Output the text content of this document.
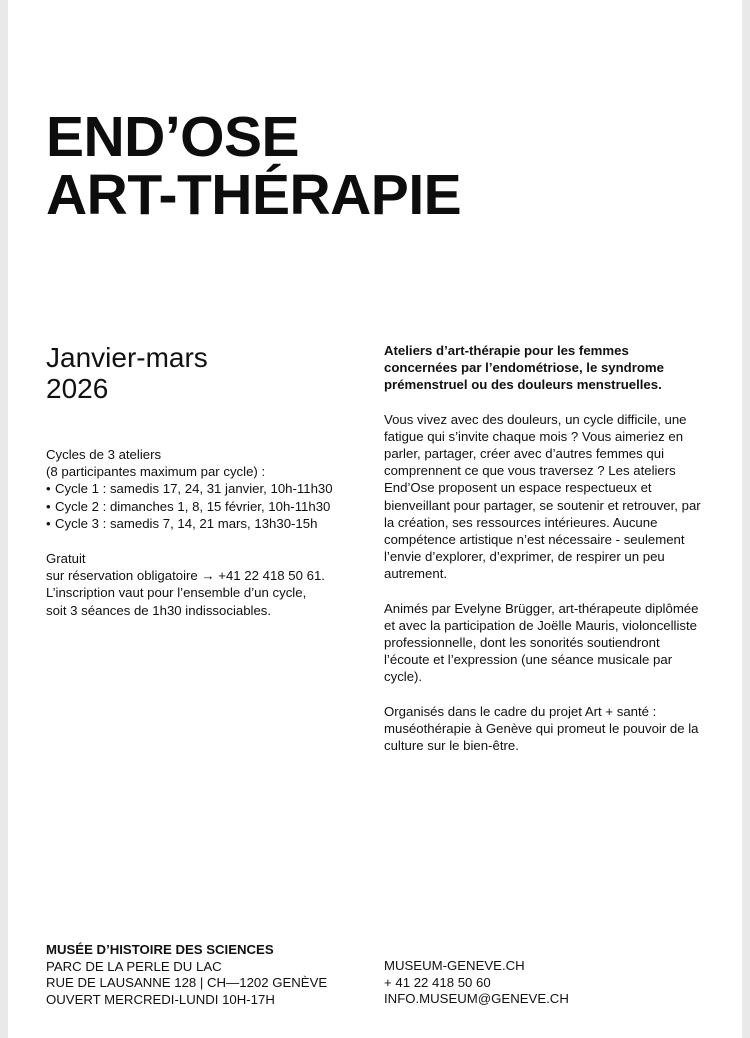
END’OSE
ART-THÉRAPIE
Janvier-mars
2026
Cycles de 3 ateliers
(8 participantes maximum par cycle) :
• Cycle 1 : samedis 17, 24, 31 janvier, 10h-11h30
• Cycle 2 : dimanches 1, 8, 15 février, 10h-11h30
• Cycle 3 : samedis 7, 14, 21 mars, 13h30-15h
Gratuit
sur réservation obligatoire → +41 22 418 50 61.
L’inscription vaut pour l’ensemble d’un cycle,
soit 3 séances de 1h30 indissociables.

Ateliers d’art-thérapie pour les femmes concernées par l’endométriose, le syndrome prémenstruel ou des douleurs menstruelles.

Vous vivez avec des douleurs, un cycle difficile, une fatigue qui s’invite chaque mois ? Vous aimeriez en parler, partager, créer avec d’autres femmes qui comprennent ce que vous traversez ? Les ateliers End’Ose proposent un espace respectueux et bienveillant pour partager, se soutenir et retrouver, par la création, ses ressources intérieures. Aucune compétence artistique n’est nécessaire - seulement l’envie d’explorer, d’exprimer, de respirer un peu autrement.

Animés par Evelyne Brügger, art-thérapeute diplômée et avec la participation de Joëlle Mauris, violoncelliste professionnelle, dont les sonorités soutiendront l’écoute et l’expression (une séance musicale par cycle).

Organisés dans le cadre du projet Art + santé : muséothérapie à Genève qui promeut le pouvoir de la culture sur le bien-être.

MUSÉE D’HISTOIRE DES SCIENCES
PARC DE LA PERLE DU LAC
RUE DE LAUSANNE 128 | CH—1202 GENÈVE
OUVERT MERCREDI-LUNDI 10H-17H
MUSEUM-GENEVE.CH
+ 41 22 418 50 60
INFO.MUSEUM@GENEVE.CH
